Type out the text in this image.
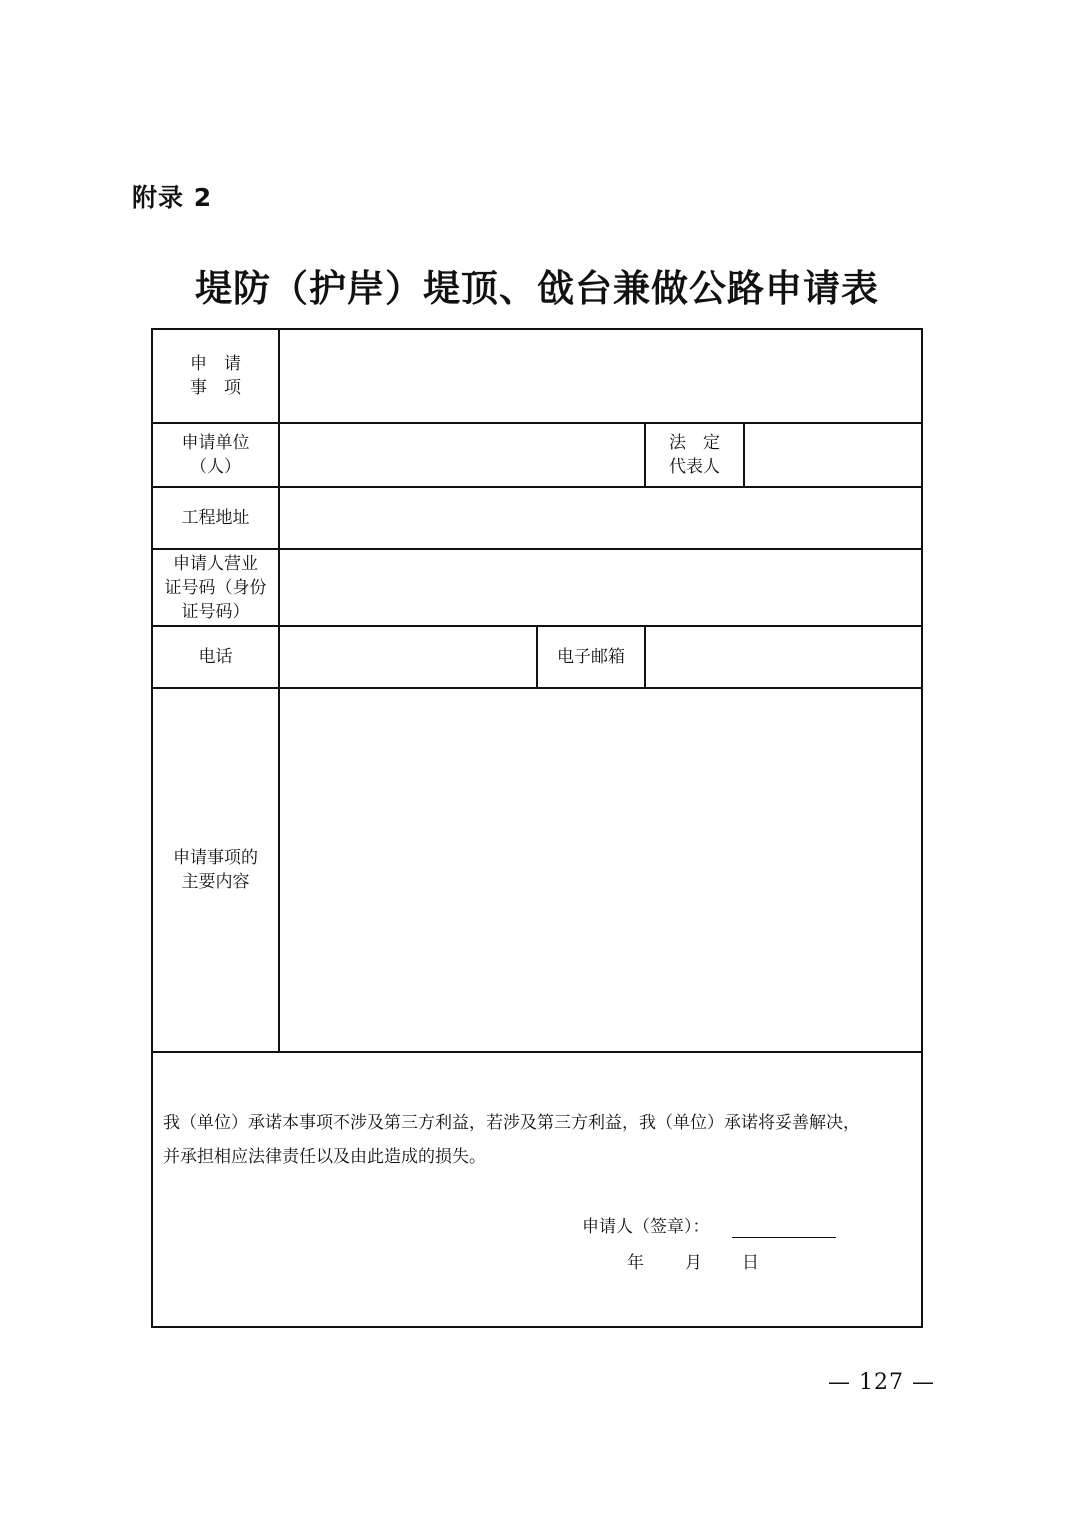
附录 2
堤防（护岸）堤顶、戗台兼做公路申请表
申　请
事　项
申请单位
（人）
法　定
代表人
工程地址
申请人营业
证号码（身份
证号码）
电话	电子邮箱
申请事项的
主要内容
我（单位）承诺本事项不涉及第三方利益，若涉及第三方利益，我（单位）承诺将妥善解决，
并承担相应法律责任以及由此造成的损失。
申请人（签章）：
年 月 日
— 127 —
